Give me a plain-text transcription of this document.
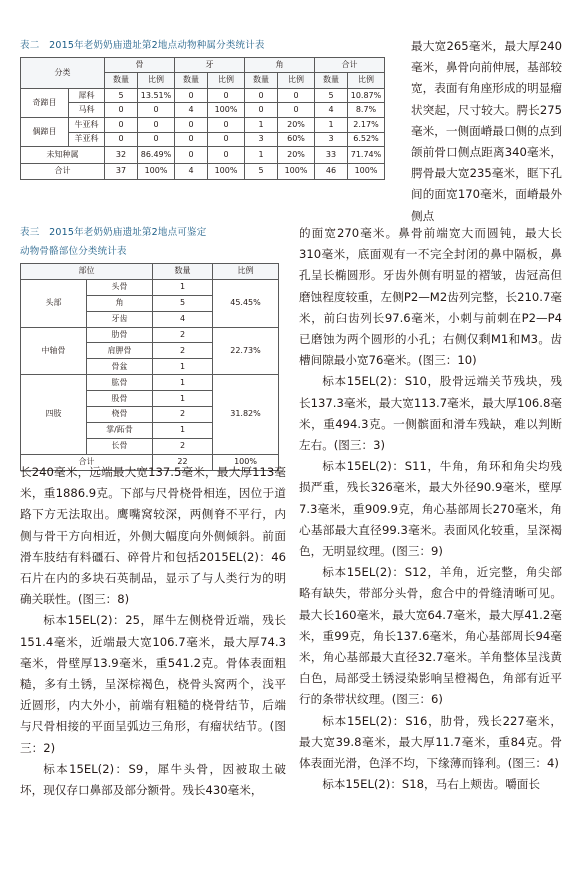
表二　2015年老奶奶庙遗址第2地点动物种属分类统计表
分类		骨		牙		角		合计	
		数量	比例	数量	比例	数量	比例	数量	比例
奇蹄目	犀科	5	13.51%	0	0	0	0	5	10.87%
	马科	0	0	4	100%	0	0	4	8.7%
偶蹄目	牛亚科	0	0	0	0	1	20%	1	2.17%
	羊亚科	0	0	0	0	3	60%	3	6.52%
未知种属		32	86.49%	0	0	1	20%	33	71.74%
合计		37	100%	4	100%	5	100%	46	100%
表三　2015年老奶奶庙遗址第2地点可鉴定
动物骨骼部位分类统计表
部位		数量	比例
头部	头骨	1	45.45%
	角	5	
	牙齿	4	
中轴骨	肋骨	2	22.73%
	肩胛骨	2	
	骨盆	1	
四肢	肱骨	1	31.82%
	股骨	1	
	桡骨	2	
	掌/跖骨	1	
	长骨	2	
合计		22	100%

长240毫米，远端最大宽137.5毫米，最大厚113毫米，重1886.9克。下部与尺骨桡骨相连，因位于道路下方无法取出。鹰嘴窝较深，两侧脊不平行，内侧与骨干方向相近，外侧大幅度向外侧倾斜。前面滑车肢结有料礓石、碎骨片和包括2015EL(2)：46石片在内的多块石英制品，显示了与人类行为的明确关联性。(图三：8)

标本15EL(2)：25，犀牛左侧桡骨近端，残长151.4毫米，近端最大宽106.7毫米，最大厚74.3毫米，骨壁厚13.9毫米，重541.2克。骨体表面粗糙，多有土锈，呈深棕褐色，桡骨头窝两个，浅平近圆形，内大外小，前端有粗糙的桡骨结节，后端与尺骨相接的平面呈弧边三角形，有瘤状结节。(图三：2)

标本15EL(2)：S9，犀牛头骨，因被取土破坏，现仅存口鼻部及部分额骨。残长430毫米，

最大宽265毫米，最大厚240毫米，鼻骨向前伸展，基部较宽，表面有角座形成的明显瘤状突起，尺寸较大。腭长275毫米，一侧面嵴最口侧的点到颌前骨口侧点距离340毫米，腭骨最大宽235毫米，眶下孔间的面宽170毫米，面嵴最外侧点

的面宽270毫米。鼻骨前端宽大而圆钝，最大长310毫米，底面观有一不完全封闭的鼻中隔板，鼻孔呈长椭圆形。牙齿外侧有明显的褶皱，齿冠高但磨蚀程度较重，左侧P2—M2齿列完整，长210.7毫米，前臼齿列长97.6毫米，小刺与前刺在P2—P4已磨蚀为两个圆形的小孔；右侧仅剩M1和M3。齿槽间隙最小宽76毫米。(图三：10)

标本15EL(2)：S10，股骨远端关节残块，残长137.3毫米，最大宽113.7毫米，最大厚106.8毫米，重494.3克。一侧髌面和滑车残缺，难以判断左右。(图三：3)

标本15EL(2)：S11，牛角，角环和角尖均残损严重，残长326毫米，最大外径90.9毫米，壁厚7.3毫米，重909.9克，角心基部周长270毫米，角心基部最大直径99.3毫米。表面风化较重，呈深褐色，无明显纹理。(图三：9)

标本15EL(2)：S12，羊角，近完整，角尖部略有缺失，带部分头骨，愈合中的骨缝清晰可见。最大长160毫米，最大宽64.7毫米，最大厚41.2毫米，重99克，角长137.6毫米，角心基部周长94毫米，角心基部最大直径32.7毫米。羊角整体呈浅黄白色，局部受土锈浸染影响呈橙褐色，角部有近平行的条带状纹理。(图三：6)

标本15EL(2)：S16，肋骨，残长227毫米，最大宽39.8毫米，最大厚11.7毫米，重84克。骨体表面光滑，色泽不均，下缘薄而锋利。(图三：4)

标本15EL(2)：S18，马右上颊齿。嚼面长
